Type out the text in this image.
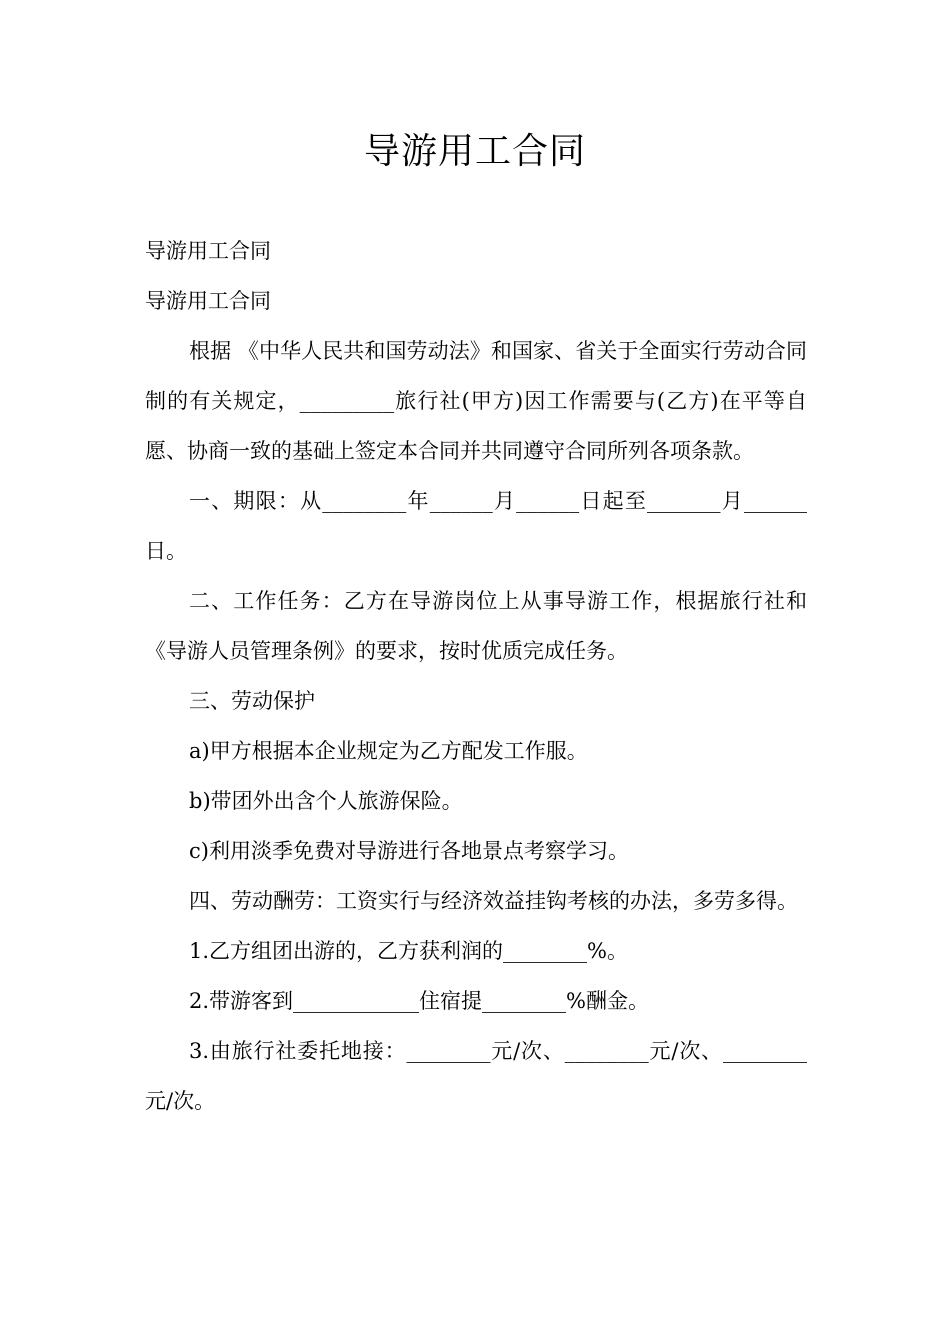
导游用工合同

导游用工合同

导游用工合同

根据 《中华人民共和国劳动法》和国家、省关于全面实行劳动合同制的有关规定，_________旅行社(甲方)因工作需要与(乙方)在平等自愿、协商一致的基础上签定本合同并共同遵守合同所列各项条款。

一、期限：从________年______月______日起至_______月______日。

二、工作任务：乙方在导游岗位上从事导游工作，根据旅行社和《导游人员管理条例》的要求，按时优质完成任务。

三、劳动保护

a)甲方根据本企业规定为乙方配发工作服。

b)带团外出含个人旅游保险。

c)利用淡季免费对导游进行各地景点考察学习。

四、劳动酬劳：工资实行与经济效益挂钩考核的办法，多劳多得。

1.乙方组团出游的，乙方获利润的________%。

2.带游客到____________住宿提________%酬金。

3.由旅行社委托地接：________元/次、________元/次、________元/次。
